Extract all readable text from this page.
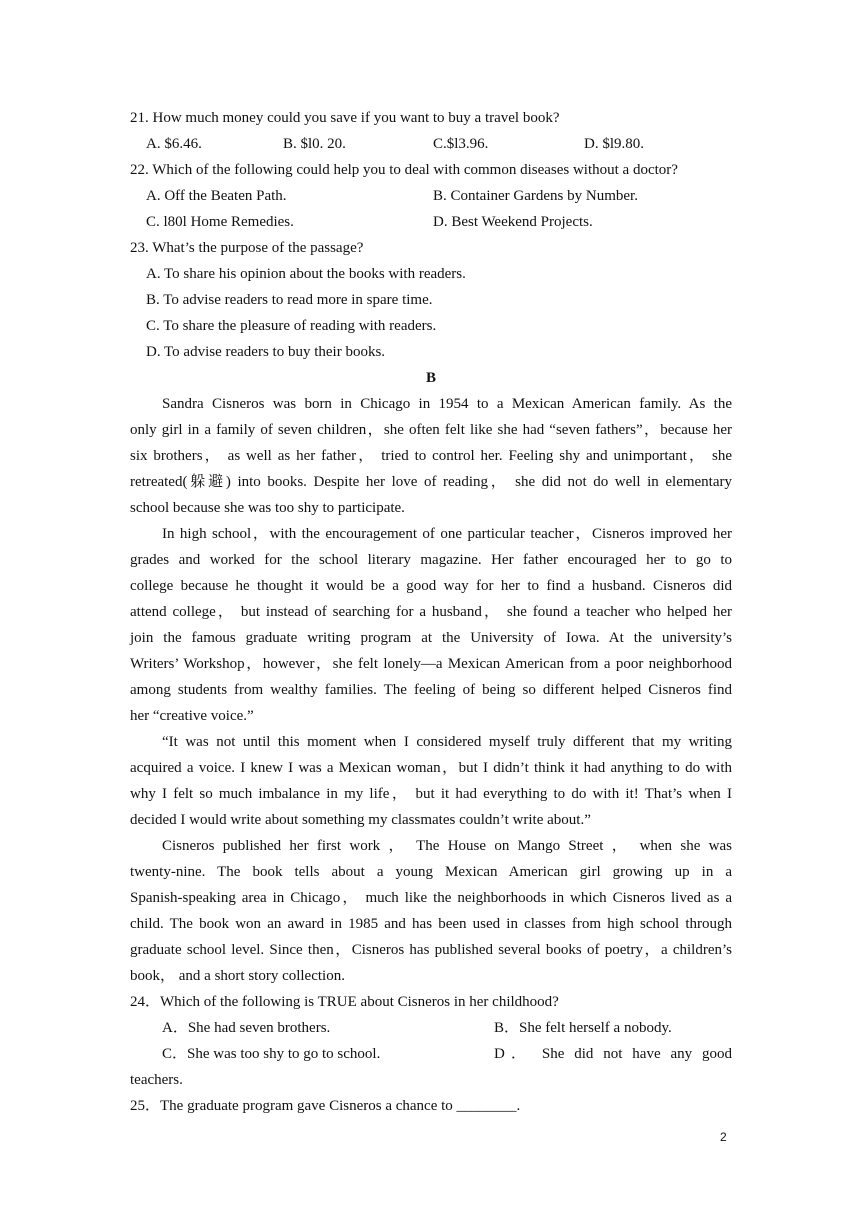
21. How much money could you save if you want to buy a travel book?
A. $6.46.	B. $l0. 20.	C.$l3.96.	D. $l9.80.
22. Which of the following could help you to deal with common diseases without a doctor?
A. Off the Beaten Path.	B. Container Gardens by Number.
C. l80l Home Remedies.	D. Best Weekend Projects.
23. What’s the purpose of the passage?
A. To share his opinion about the books with readers.
B. To advise readers to read more in spare time.
C. To share the pleasure of reading with readers.
D. To advise readers to buy their books.
B
Sandra Cisneros was born in Chicago in 1954 to a Mexican American family. As the
only girl in a family of seven children，she often felt like she had “seven fathers”，because her
six brothers， as well as her father， tried to control her. Feeling shy and unimportant， she
retreated(躲避) into books. Despite her love of reading， she did not do well in elementary
school because she was too shy to participate.
In high school，with the encouragement of one particular teacher，Cisneros improved her
grades and worked for the school literary magazine. Her father encouraged her to go to
college because he thought it would be a good way for her to find a husband. Cisneros did
attend college， but instead of searching for a husband， she found a teacher who helped her
join the famous graduate writing program at the University of Iowa. At the university’s
Writers’ Workshop，however，she felt lonely—a Mexican American from a poor neighborhood
among students from wealthy families. The feeling of being so different helped Cisneros find
her “creative voice.”
“It was not until this moment when I considered myself truly different that my writing
acquired a voice. I knew I was a Mexican woman，but I didn’t think it had anything to do with
why I felt so much imbalance in my life， but it had everything to do with it! That’s when I
decided I would write about something my classmates couldn’t write about.”
Cisneros published her first work ， The House on Mango Street ， when she was
twenty-nine. The book tells about a young Mexican American girl growing up in a
Spanish-speaking area in Chicago， much like the neighborhoods in which Cisneros lived as a
child. The book won an award in 1985 and has been used in classes from high school through
graduate school level. Since then，Cisneros has published several books of poetry，a children’s
book， and a short story collection.
24．Which of the following is TRUE about Cisneros in her childhood?
A．She had seven brothers.	B．She felt herself a nobody.
C．She was too shy to go to school.	D． She did not have any good
teachers.
25．The graduate program gave Cisneros a chance to ________.
2
